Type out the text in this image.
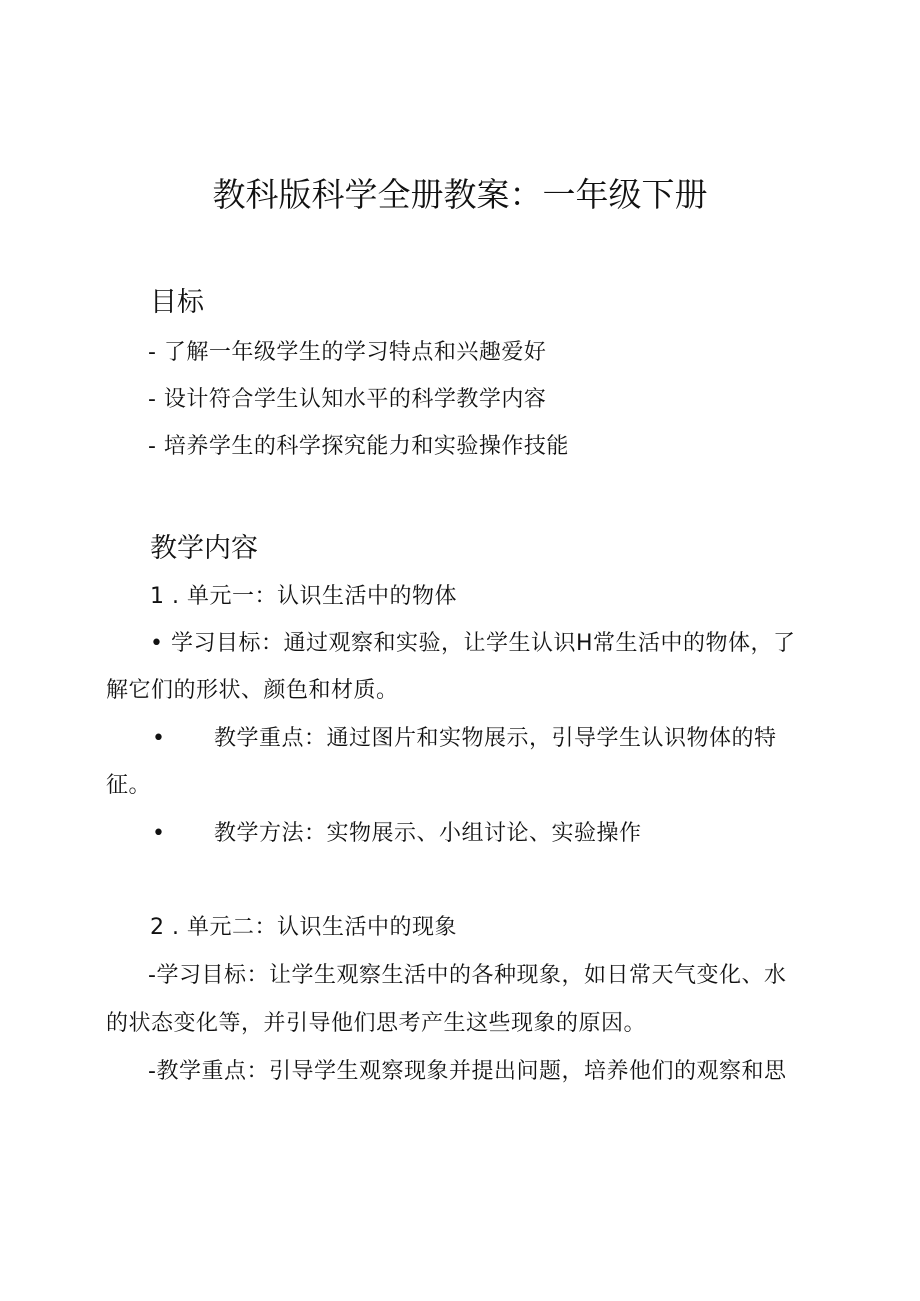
教科版科学全册教案：一年级下册
目标
- 了解一年级学生的学习特点和兴趣爱好
- 设计符合学生认知水平的科学教学内容
- 培养学生的科学探究能力和实验操作技能
教学内容
1 . 单元一：认识生活中的物体
• 学习目标：通过观察和实验，让学生认识H常生活中的物体，了
解它们的形状、颜色和材质。
• 教学重点：通过图片和实物展示，引导学生认识物体的特
征。
• 教学方法：实物展示、小组讨论、实验操作
2 . 单元二：认识生活中的现象
-学习目标：让学生观察生活中的各种现象，如日常天气变化、水
的状态变化等，并引导他们思考产生这些现象的原因。
-教学重点：引导学生观察现象并提出问题，培养他们的观察和思
